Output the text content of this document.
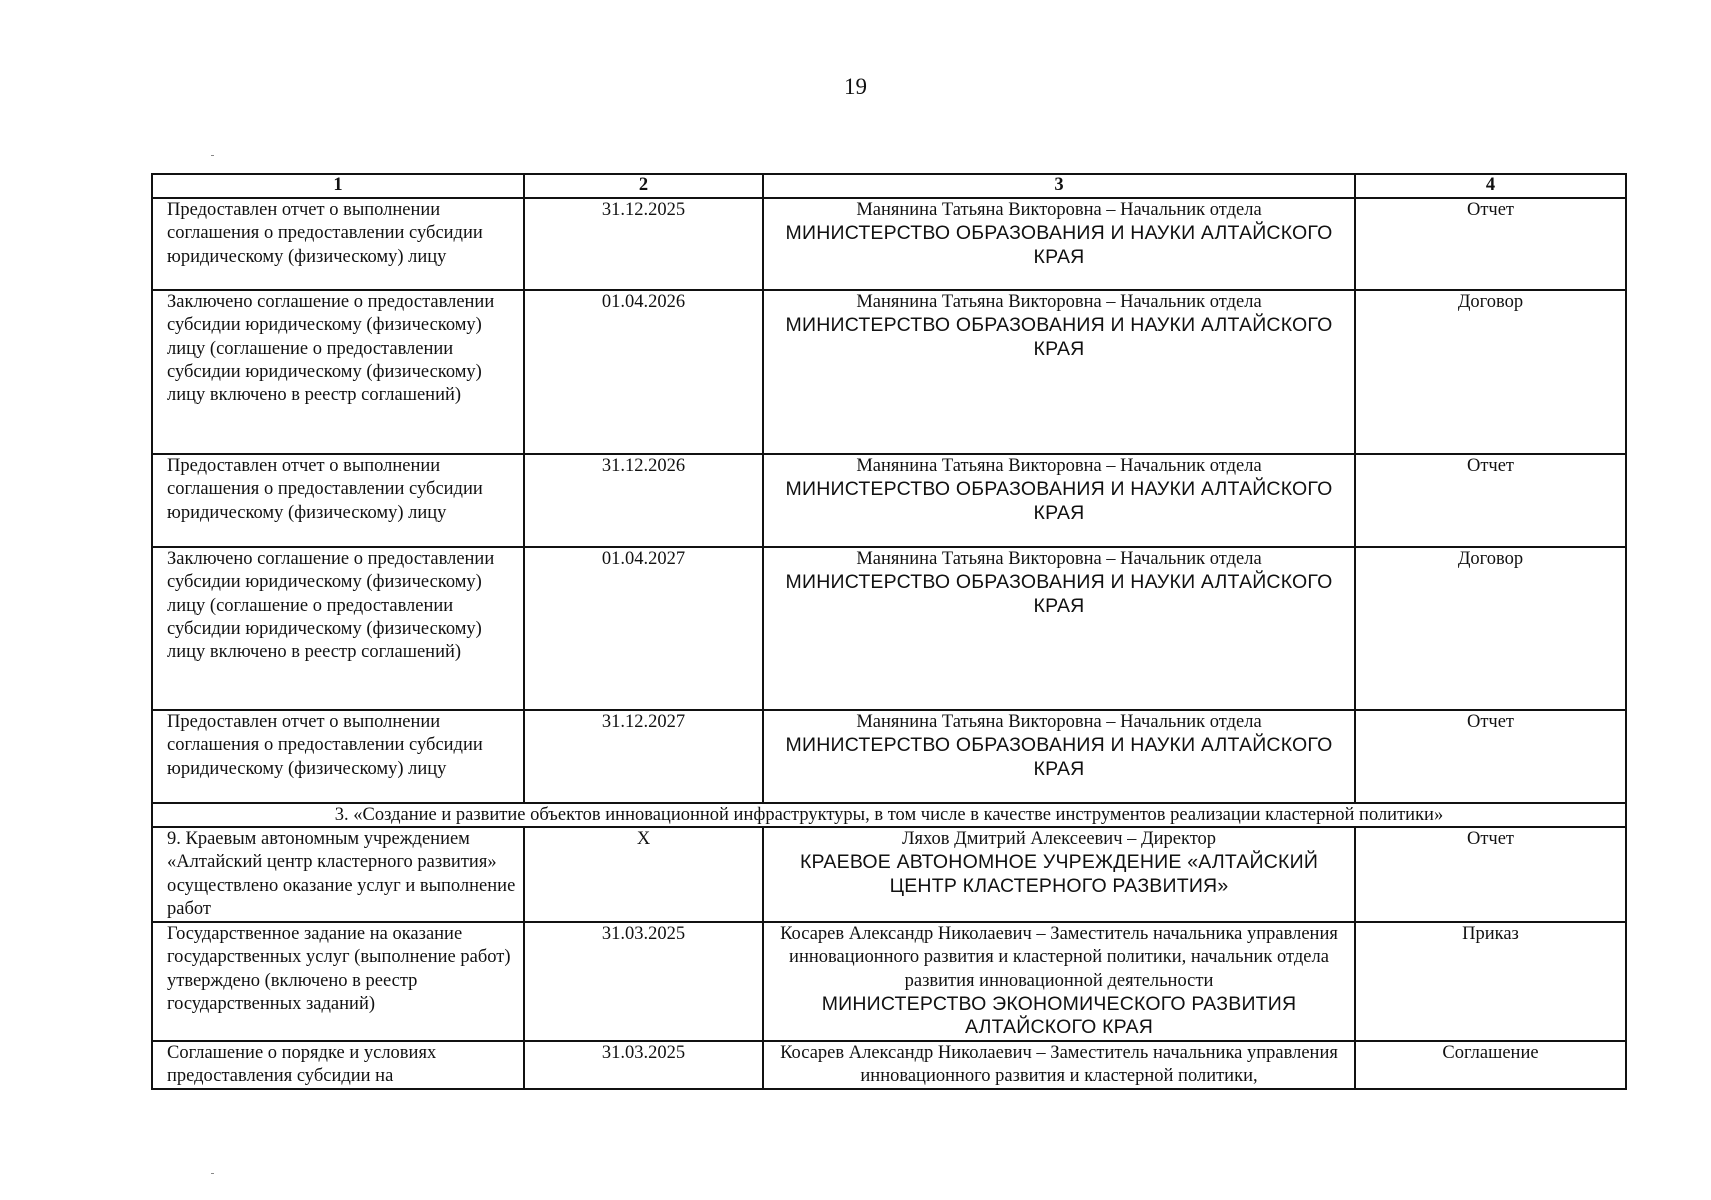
19
1	2	3	4
Предоставлен отчет о выполнении соглашения о предоставлении субсидии юридическому (физическому) лицу	31.12.2025	Манянина Татьяна Викторовна – Начальник отдела
МИНИСТЕРСТВО ОБРАЗОВАНИЯ И НАУКИ АЛТАЙСКОГО КРАЯ	Отчет
Заключено соглашение о предоставлении субсидии юридическому (физическому) лицу (соглашение о предоставлении субсидии юридическому (физическому) лицу включено в реестр соглашений)	01.04.2026	Манянина Татьяна Викторовна – Начальник отдела
МИНИСТЕРСТВО ОБРАЗОВАНИЯ И НАУКИ АЛТАЙСКОГО КРАЯ	Договор
Предоставлен отчет о выполнении соглашения о предоставлении субсидии юридическому (физическому) лицу	31.12.2026	Манянина Татьяна Викторовна – Начальник отдела
МИНИСТЕРСТВО ОБРАЗОВАНИЯ И НАУКИ АЛТАЙСКОГО КРАЯ	Отчет
Заключено соглашение о предоставлении субсидии юридическому (физическому) лицу (соглашение о предоставлении субсидии юридическому (физическому) лицу включено в реестр соглашений)	01.04.2027	Манянина Татьяна Викторовна – Начальник отдела
МИНИСТЕРСТВО ОБРАЗОВАНИЯ И НАУКИ АЛТАЙСКОГО КРАЯ	Договор
Предоставлен отчет о выполнении соглашения о предоставлении субсидии юридическому (физическому) лицу	31.12.2027	Манянина Татьяна Викторовна – Начальник отдела
МИНИСТЕРСТВО ОБРАЗОВАНИЯ И НАУКИ АЛТАЙСКОГО КРАЯ	Отчет
3. «Создание и развитие объектов инновационной инфраструктуры, в том числе в качестве инструментов реализации кластерной политики»			
9. Краевым автономным учреждением «Алтайский центр кластерного развития» осуществлено оказание услуг и выполнение работ	X	Ляхов Дмитрий Алексеевич – Директор
КРАЕВОЕ АВТОНОМНОЕ УЧРЕЖДЕНИЕ «АЛТАЙСКИЙ ЦЕНТР КЛАСТЕРНОГО РАЗВИТИЯ»	Отчет
Государственное задание на оказание государственных услуг (выполнение работ) утверждено (включено в реестр государственных заданий)	31.03.2025	Косарев Александр Николаевич – Заместитель начальника управления инновационного развития и кластерной политики, начальник отдела развития инновационной деятельности
МИНИСТЕРСТВО ЭКОНОМИЧЕСКОГО РАЗВИТИЯ АЛТАЙСКОГО КРАЯ	Приказ
Соглашение о порядке и условиях предоставления субсидии на	31.03.2025	Косарев Александр Николаевич – Заместитель начальника управления инновационного развития и кластерной политики,	Соглашение
